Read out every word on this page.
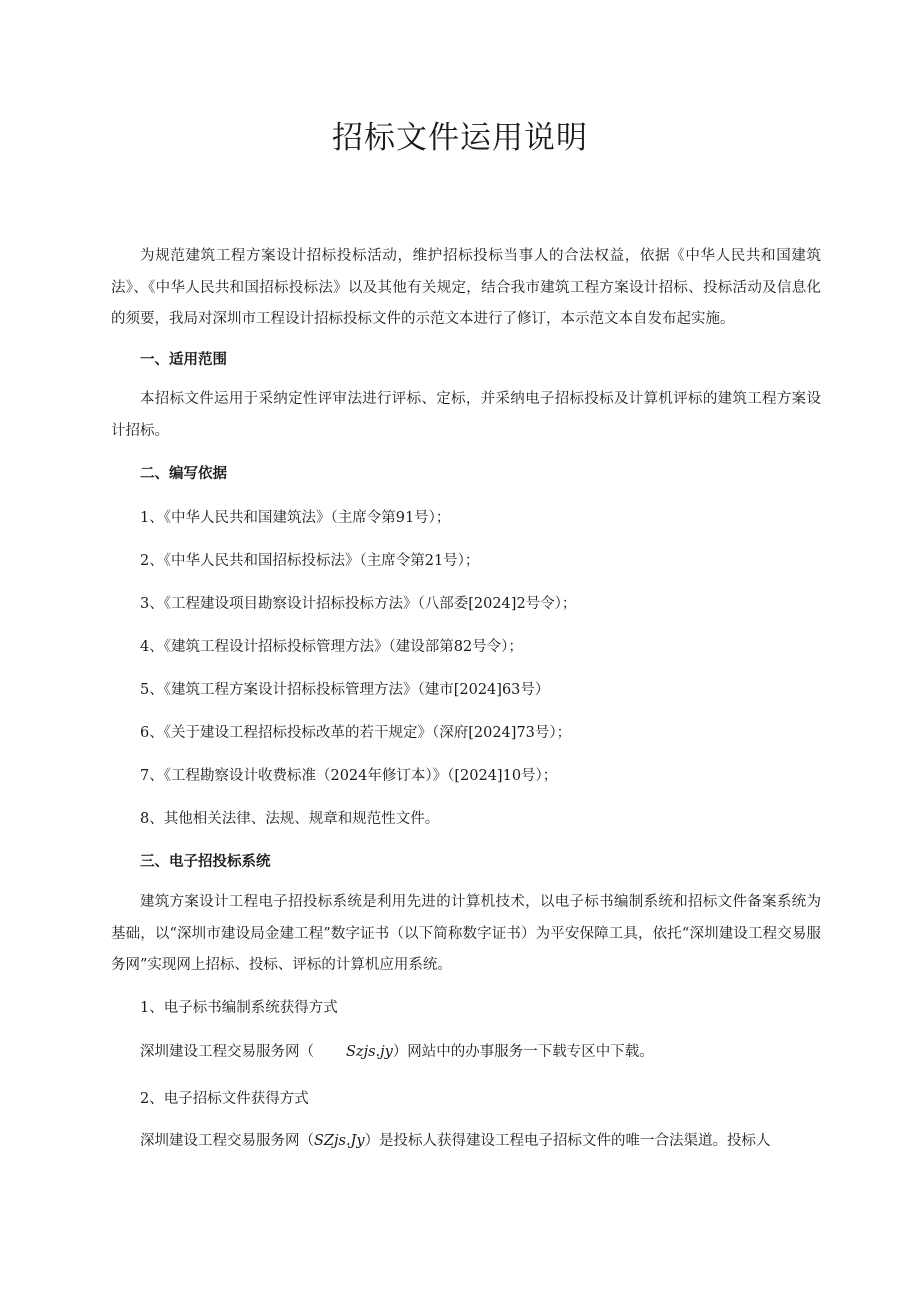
招标文件运用说明
为规范建筑工程方案设计招标投标活动，维护招标投标当事人的合法权益，依据《中华人民共和国建筑法》、《中华人民共和国招标投标法》以及其他有关规定，结合我市建筑工程方案设计招标、投标活动及信息化的须要，我局对深圳市工程设计招标投标文件的示范文本进行了修订，本示范文本自发布起实施。
一、适用范围
本招标文件运用于采纳定性评审法进行评标、定标，并采纳电子招标投标及计算机评标的建筑工程方案设计招标。
二、编写依据
1、《中华人民共和国建筑法》（主席令第91号）；
2、《中华人民共和国招标投标法》（主席令第21号）；
3、《工程建设项目勘察设计招标投标方法》（八部委[2024]2号令）；
4、《建筑工程设计招标投标管理方法》（建设部第82号令）；
5、《建筑工程方案设计招标投标管理方法》（建市[2024]63号）
6、《关于建设工程招标投标改革的若干规定》（深府[2024]73号）；
7、《工程勘察设计收费标准（2024年修订本）》（[2024]10号）；
8、其他相关法律、法规、规章和规范性文件。
三、电子招投标系统
建筑方案设计工程电子招投标系统是利用先进的计算机技术，以电子标书编制系统和招标文件备案系统为基础，以“深圳市建设局金建工程”数字证书（以下简称数字证书）为平安保障工具，依托“深圳建设工程交易服务网”实现网上招标、投标、评标的计算机应用系统。
1、电子标书编制系统获得方式
深圳建设工程交易服务网（ Szjs.jy）网站中的办事服务一下载专区中下载。
2、电子招标文件获得方式
深圳建设工程交易服务网（SZjs.Jy）是投标人获得建设工程电子招标文件的唯一合法渠道。投标人
